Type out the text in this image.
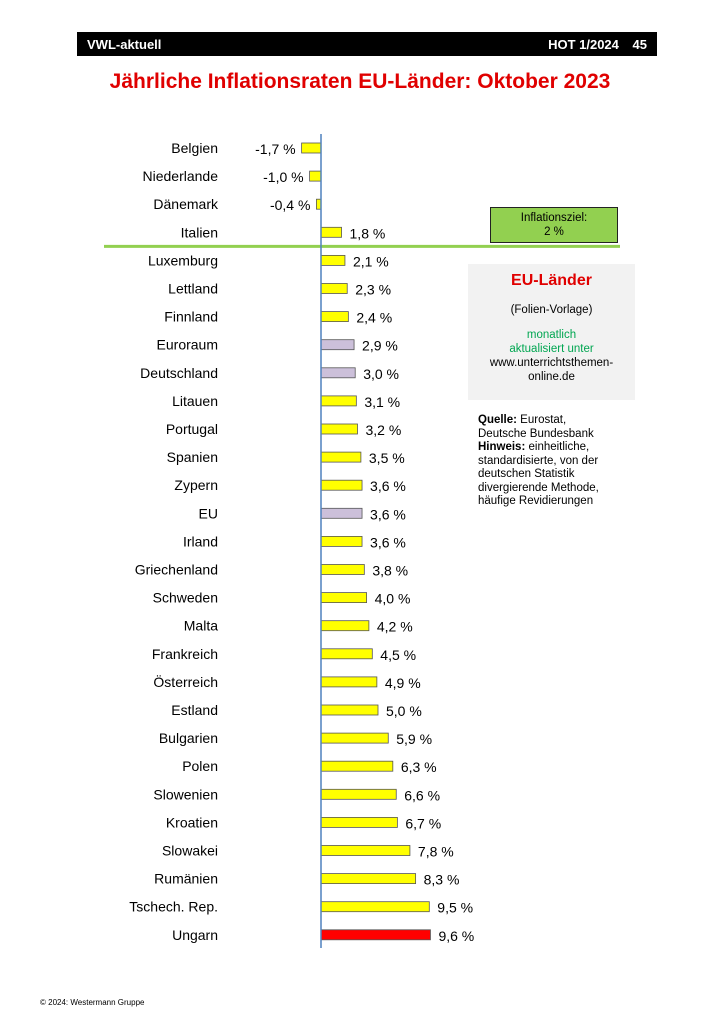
VWL-aktuell	HOT 1/2024 45
Jährliche Inflationsraten EU-Länder: Oktober 2023
Belgien	-1,7 %
Niederlande	-1,0 %
Dänemark	-0,4 %
Italien	1,8 %
Luxemburg	2,1 %
Lettland	2,3 %
Finnland	2,4 %
Euroraum	2,9 %
Deutschland	3,0 %
Litauen	3,1 %
Portugal	3,2 %
Spanien	3,5 %
Zypern	3,6 %
EU	3,6 %
Irland	3,6 %
Griechenland	3,8 %
Schweden	4,0 %
Malta	4,2 %
Frankreich	4,5 %
Österreich	4,9 %
Estland	5,0 %
Bulgarien	5,9 %
Polen	6,3 %
Slowenien	6,6 %
Kroatien	6,7 %
Slowakei	7,8 %
Rumänien	8,3 %
Tschech. Rep.	9,5 %
Ungarn	9,6 %
Inflationsziel:
2 %
EU-Länder
(Folien-Vorlage)
monatlich
aktualisiert unter
www.unterrichtsthemen-
online.de
Quelle: Eurostat,
Deutsche Bundesbank
Hinweis: einheitliche,
standardisierte, von der
deutschen Statistik
divergierende Methode,
häufige Revidierungen
© 2024: Westermann Gruppe
